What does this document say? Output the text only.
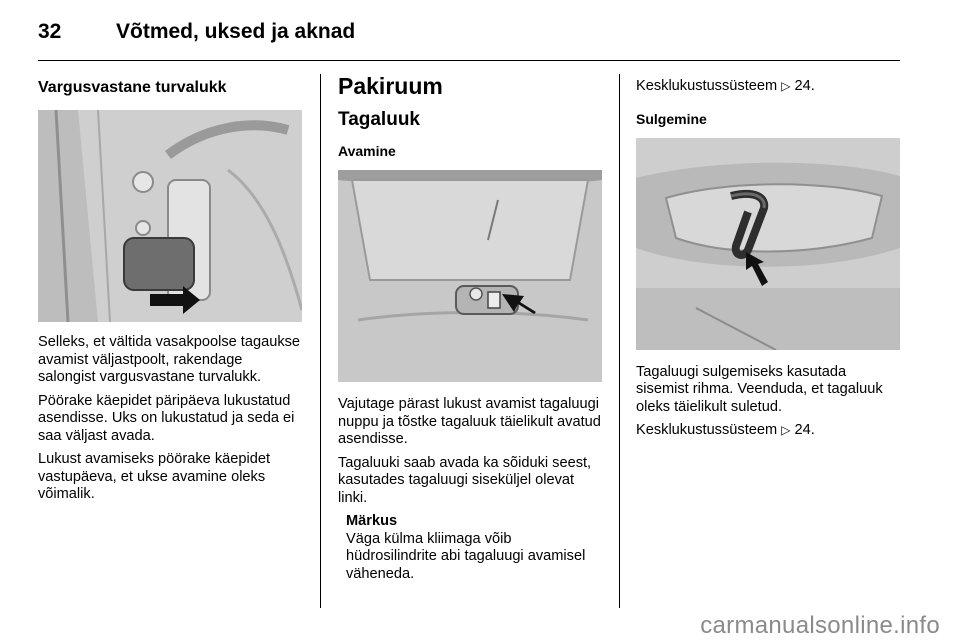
32	Võtmed, uksed ja aknad
Vargusvastane turvalukk

Selleks, et vältida vasakpoolse tagaukse avamist väljastpoolt, rakendage salongist vargusvastane turvalukk.

Pöörake käepidet päripäeva lukustatud asendisse. Uks on lukustatud ja seda ei saa väljast avada.

Lukust avamiseks pöörake käepidet vastupäeva, et ukse avamine oleks võimalik.

Pakiruum
Tagaluuk
Avamine

Vajutage pärast lukust avamist tagaluugi nuppu ja tõstke tagaluuk täielikult avatud asendisse.

Tagaluuki saab avada ka sõiduki seest, kasutades tagaluugi siseküljel olevat linki.

Märkus

Väga külma kliimaga võib hüdrosilindrite abi tagaluugi avamisel väheneda.

Kesklukustussüsteem ▷ 24.

Sulgemine

Tagaluugi sulgemiseks kasutada sisemist rihma. Veenduda, et tagaluuk oleks täielikult suletud.

Kesklukustussüsteem ▷ 24.

carmanualsonline.info
